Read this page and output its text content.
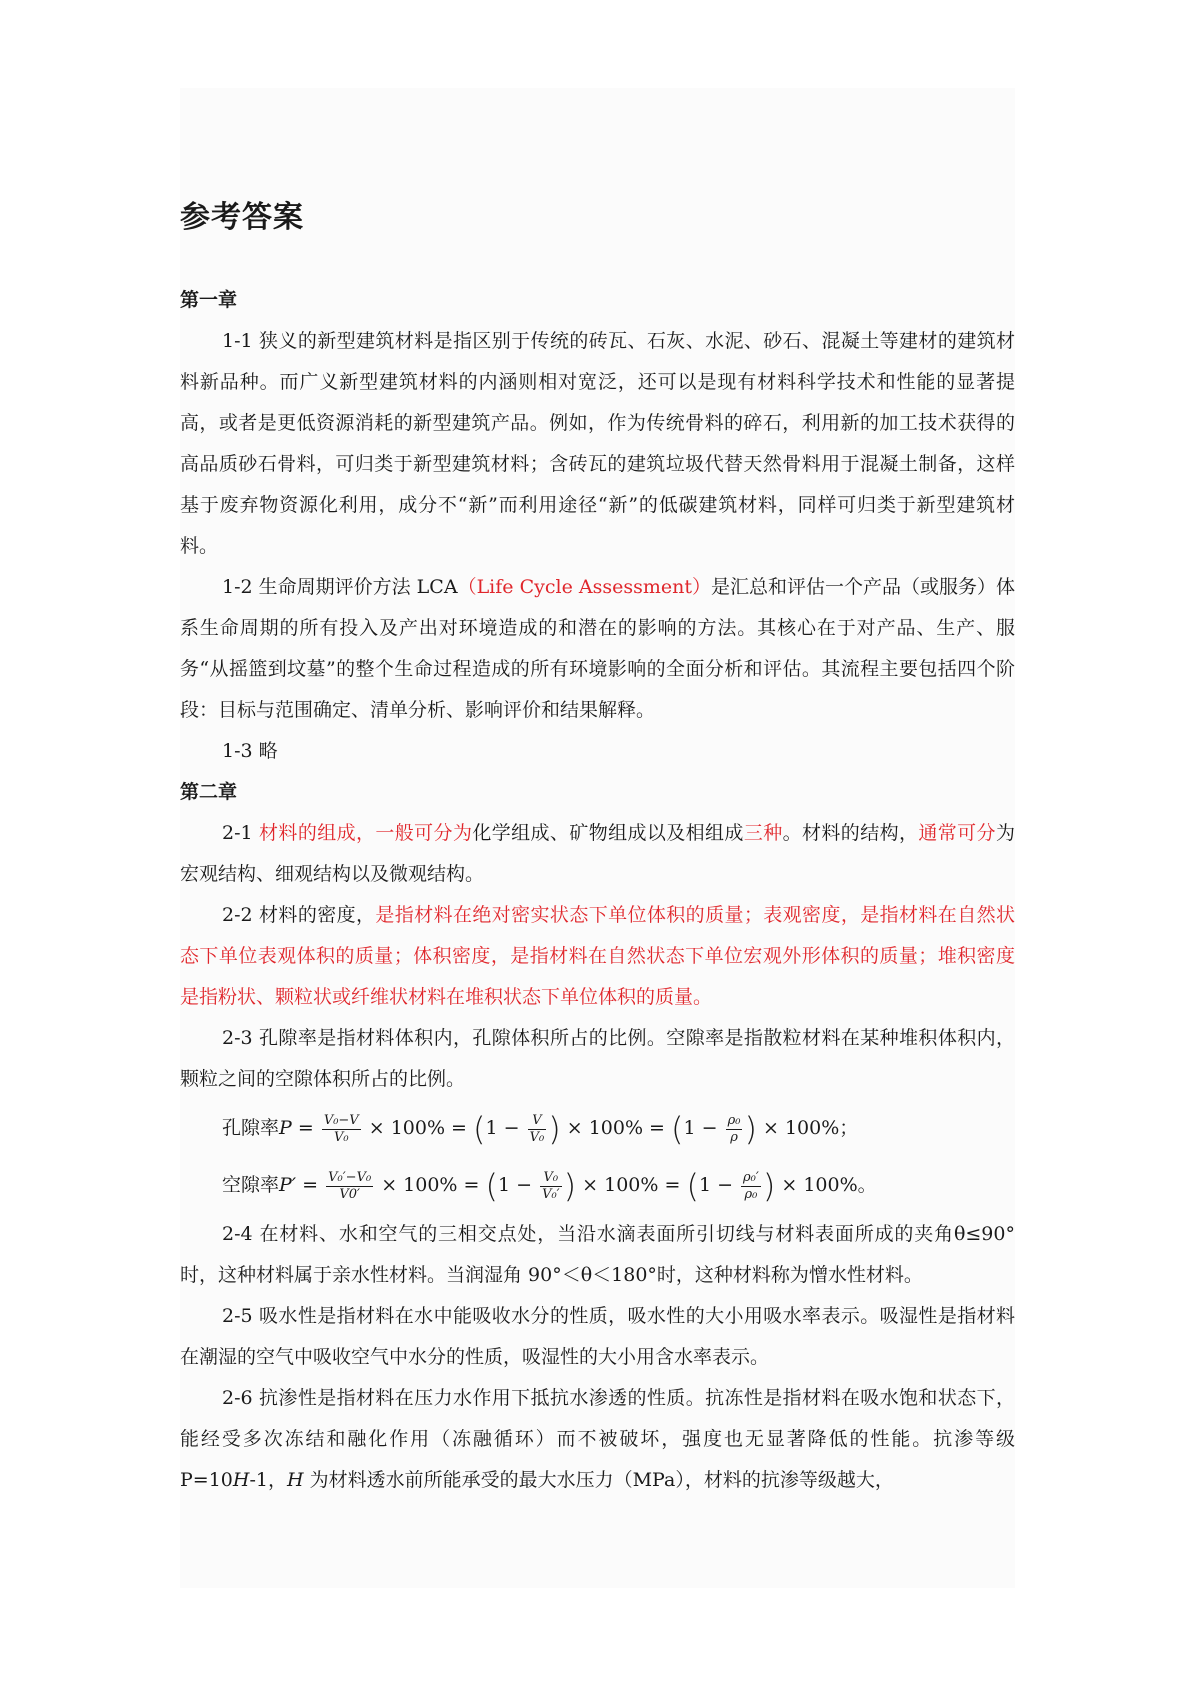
参考答案
第一章

1-1 狭义的新型建筑材料是指区别于传统的砖瓦、石灰、水泥、砂石、混凝土等建材的建筑材料新品种。而广义新型建筑材料的内涵则相对宽泛，还可以是现有材料科学技术和性能的显著提高，或者是更低资源消耗的新型建筑产品。例如，作为传统骨料的碎石，利用新的加工技术获得的高品质砂石骨料，可归类于新型建筑材料；含砖瓦的建筑垃圾代替天然骨料用于混凝土制备，这样基于废弃物资源化利用，成分不“新”而利用途径“新”的低碳建筑材料，同样可归类于新型建筑材料。

1-2 生命周期评价方法 LCA（Life Cycle Assessment）是汇总和评估一个产品（或服务）体系生命周期的所有投入及产出对环境造成的和潜在的影响的方法。其核心在于对产品、生产、服务“从摇篮到坟墓”的整个生命过程造成的所有环境影响的全面分析和评估。其流程主要包括四个阶段：目标与范围确定、清单分析、影响评价和结果解释。

1-3 略

第二章

2-1 材料的组成，一般可分为化学组成、矿物组成以及相组成三种。材料的结构，通常可分为宏观结构、细观结构以及微观结构。

2-2 材料的密度，是指材料在绝对密实状态下单位体积的质量；表观密度，是指材料在自然状态下单位表观体积的质量；体积密度，是指材料在自然状态下单位宏观外形体积的质量；堆积密度是指粉状、颗粒状或纤维状材料在堆积状态下单位体积的质量。

2-3 孔隙率是指材料体积内，孔隙体积所占的比例。空隙率是指散粒材料在某种堆积体积内，颗粒之间的空隙体积所占的比例。

孔隙率$P = \frac{\text{V₀−V}}{\text{V₀}} \times 100\% = (1 - \frac{V}{\text{V₀}}$ ) × $100\% = (1 - \frac{\text{ρ₀}}{\rho}$ ) × 100%；
空隙率$P' = \frac{\text{V₀′−V₀}}{V0'} \times 100\% = (1 - \frac{\text{V₀}}{\text{V₀′}}$ ) × $100\% = (1 - \frac{\text{ρ₀′}}{\text{ρ₀}}$ ) × 100%。

2-4 在材料、水和空气的三相交点处，当沿水滴表面所引切线与材料表面所成的夹角θ≤90°时，这种材料属于亲水性材料。当润湿角 90°＜θ＜180°时，这种材料称为憎水性材料。

2-5 吸水性是指材料在水中能吸收水分的性质，吸水性的大小用吸水率表示。吸湿性是指材料在潮湿的空气中吸收空气中水分的性质，吸湿性的大小用含水率表示。

2-6 抗渗性是指材料在压力水作用下抵抗水渗透的性质。抗冻性是指材料在吸水饱和状态下，能经受多次冻结和融化作用（冻融循环）而不被破坏，强度也无显著降低的性能。抗渗等级 P=10H-1，H 为材料透水前所能承受的最大水压力（MPa），材料的抗渗等级越大，
